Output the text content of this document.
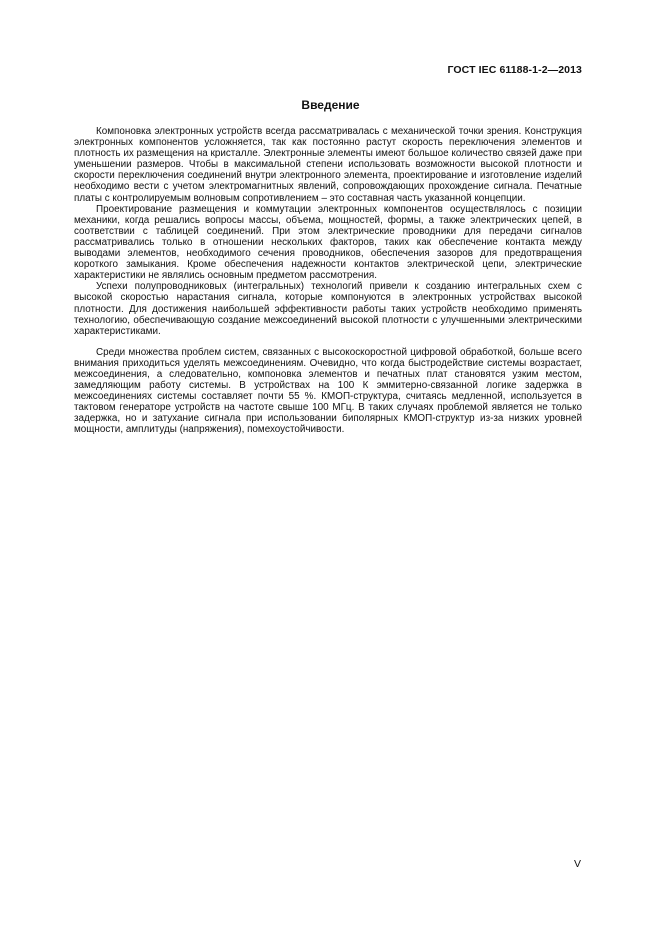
ГОСТ IEC 61188-1-2—2013
Введение

Компоновка электронных устройств всегда рассматривалась с механической точки зрения. Конструкция электронных компонентов усложняется, так как постоянно растут скорость переключения элементов и плотность их размещения на кристалле. Электронные элементы имеют большое количество связей даже при уменьшении размеров. Чтобы в максимальной степени использовать возможности высокой плотности и скорости переключения соединений внутри электронного элемента, проектирование и изготовление изделий необходимо вести с учетом электромагнитных явлений, сопровождающих прохождение сигнала. Печатные платы с контролируемым волновым сопротивлением – это составная часть указанной концепции.

Проектирование размещения и коммутации электронных компонентов осуществлялось с позиции механики, когда решались вопросы массы, объема, мощностей, формы, а также электрических цепей, в соответствии с таблицей соединений. При этом электрические проводники для передачи сигналов рассматривались только в отношении нескольких факторов, таких как обеспечение контакта между выводами элементов, необходимого сечения проводников, обеспечения зазоров для предотвращения короткого замыкания. Кроме обеспечения надежности контактов электрической цепи, электрические характеристики не являлись основным предметом рассмотрения.

Успехи полупроводниковых (интегральных) технологий привели к созданию интегральных схем с высокой скоростью нарастания сигнала, которые компонуются в электронных устройствах высокой плотности. Для достижения наибольшей эффективности работы таких устройств необходимо применять технологию, обеспечивающую создание межсоединений высокой плотности с улучшенными электрическими характеристиками.

Среди множества проблем систем, связанных с высокоскоростной цифровой обработкой, больше всего внимания приходиться уделять межсоединениям. Очевидно, что когда быстродействие системы возрастает, межсоединения, а следовательно, компоновка элементов и печатных плат становятся узким местом, замедляющим работу системы. В устройствах на 100 К эммитерно-связанной логике задержка в межсоединениях системы составляет почти 55 %. КМОП-структура, считаясь медленной, используется в тактовом генераторе устройств на частоте свыше 100 МГц. В таких случаях проблемой является не только задержка, но и затухание сигнала при использовании биполярных КМОП-структур из-за низких уровней мощности, амплитуды (напряжения), помехоустойчивости.

V
